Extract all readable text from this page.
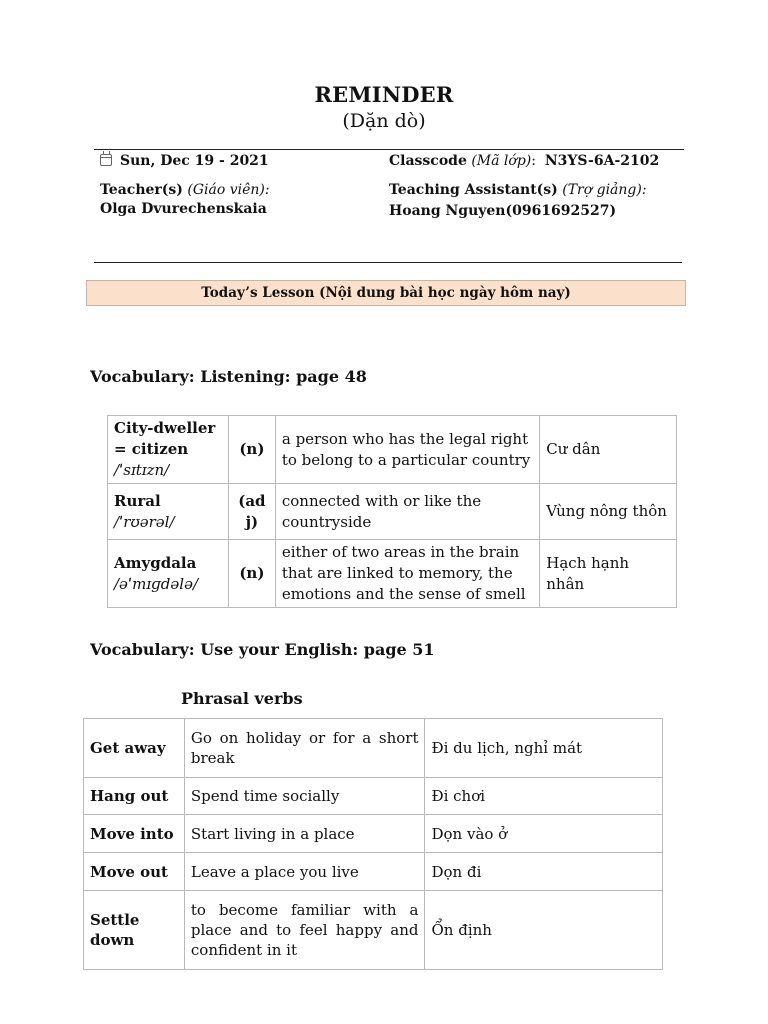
REMINDER
(Dặn dò)
Sun, Dec 19 - 2021	Classcode (Mã lớp): N3YS-6A-2102
Teacher(s) (Giáo viên):
Olga Dvurechenskaia
Teaching Assistant(s) (Trợ giảng):
Hoang Nguyen(0961692527)
Today’s Lesson (Nội dung bài học ngày hôm nay)
Vocabulary: Listening: page 48
City-dweller
= citizen
/ˈsɪtɪzn/	(n)	a person who has the legal right to belong to a particular country	Cư dân

Rural
/ˈrʊərəl/	(adj)	connected with or like the countryside	Vùng nông thôn

Amygdala
/əˈmɪɡdələ/	(n)	either of two areas in the brain that are linked to memory, the emotions and the sense of smell	Hạch hạnh nhân
Vocabulary: Use your English: page 51
Phrasal verbs
Get away	Go on holiday or for a short break	Đi du lịch, nghỉ mát
Hang out	Spend time socially	Đi chơi
Move into	Start living in a place	Dọn vào ở
Move out	Leave a place you live	Dọn đi
Settle down	to become familiar with a place and to feel happy and confident in it	Ổn định
